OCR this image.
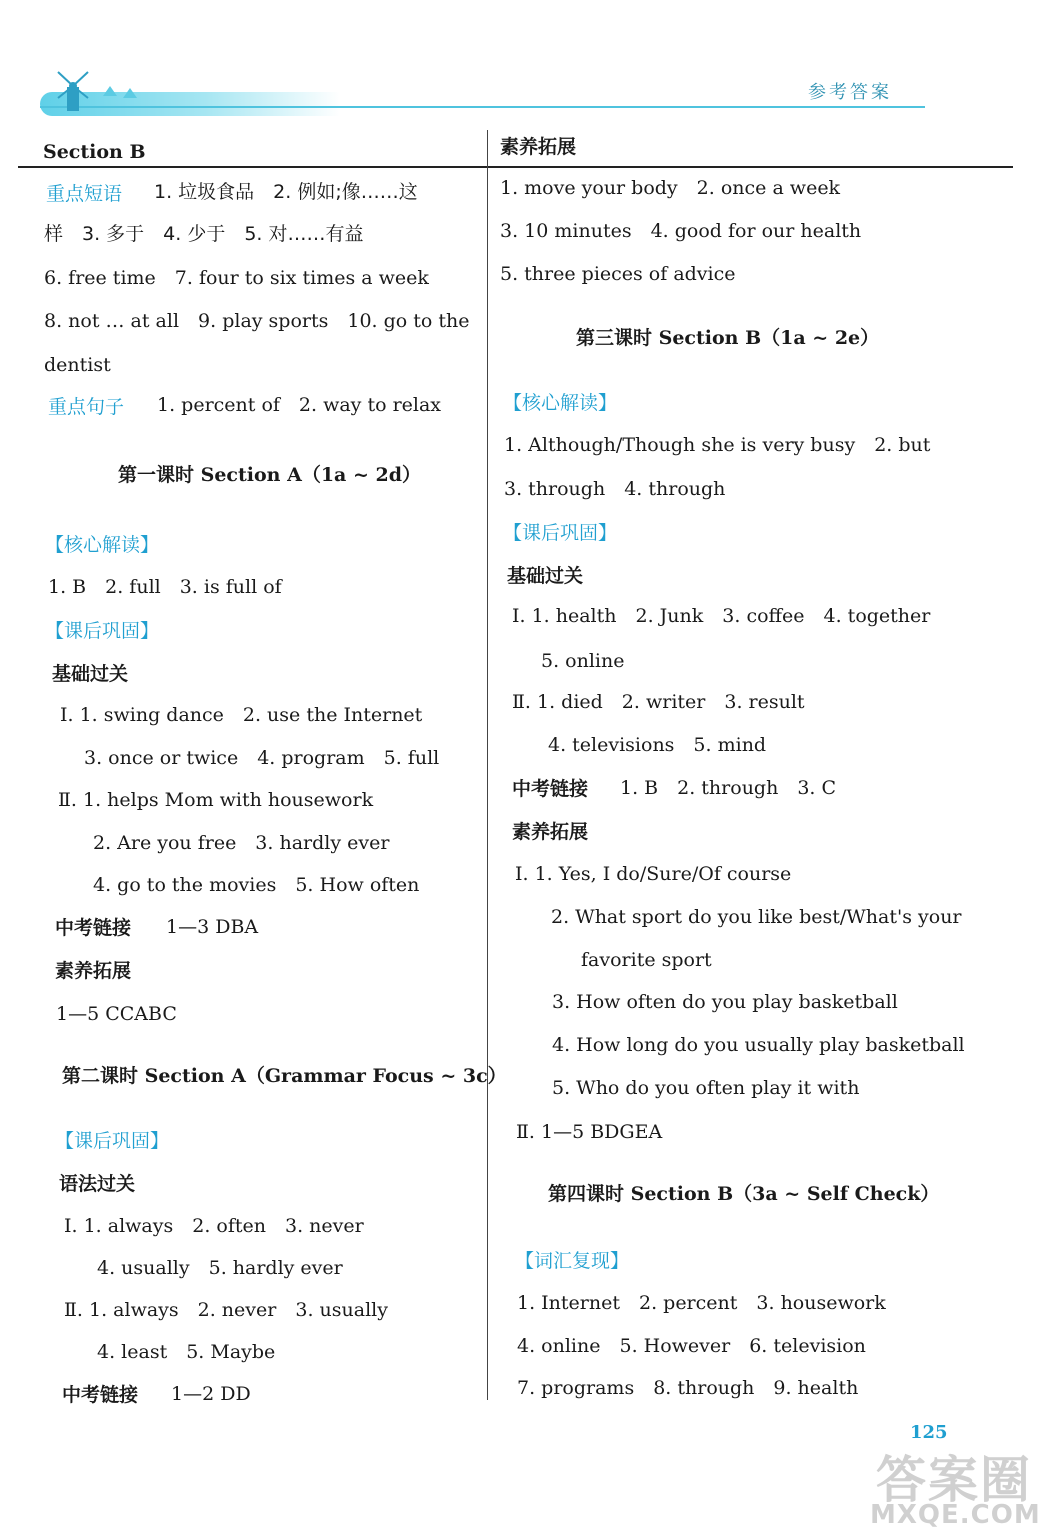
参考答案
Section B
重点短语 1. 垃圾食品　2. 例如;像……这
样　3. 多于　4. 少于　5. 对……有益
6. free time　7. four to six times a week
8. not … at all　9. play sports　10. go to the
dentist
重点句子 1. percent of　2. way to relax
第一课时 Section A（1a ~ 2d）
【核心解读】
1. B　2. full　3. is full of
【课后巩固】
基础过关
Ⅰ. 1. swing dance　2. use the Internet
3. once or twice　4. program　5. full
Ⅱ. 1. helps Mom with housework
2. Are you free　3. hardly ever
4. go to the movies　5. How often
中考链接 1—3 DBA
素养拓展
1—5 CCABC
第二课时 Section A（Grammar Focus ~ 3c）
【课后巩固】
语法过关
Ⅰ. 1. always　2. often　3. never
4. usually　5. hardly ever
Ⅱ. 1. always　2. never　3. usually
4. least　5. Maybe
中考链接 1—2 DD
素养拓展
1. move your body　2. once a week
3. 10 minutes　4. good for our health
5. three pieces of advice
第三课时 Section B（1a ~ 2e）
【核心解读】
1. Although/Though she is very busy　2. but
3. through　4. through
【课后巩固】
基础过关
Ⅰ. 1. health　2. Junk　3. coffee　4. together
5. online
Ⅱ. 1. died　2. writer　3. result
4. televisions　5. mind
中考链接 1. B　2. through　3. C
素养拓展
Ⅰ. 1. Yes, I do/Sure/Of course
2. What sport do you like best/What's your
favorite sport
3. How often do you play basketball
4. How long do you usually play basketball
5. Who do you often play it with
Ⅱ. 1—5 BDGEA
第四课时 Section B（3a ~ Self Check）
【词汇复现】
1. Internet　2. percent　3. housework
4. online　5. However　6. television
7. programs　8. through　9. health
125
答案圈
MXQE.COM
